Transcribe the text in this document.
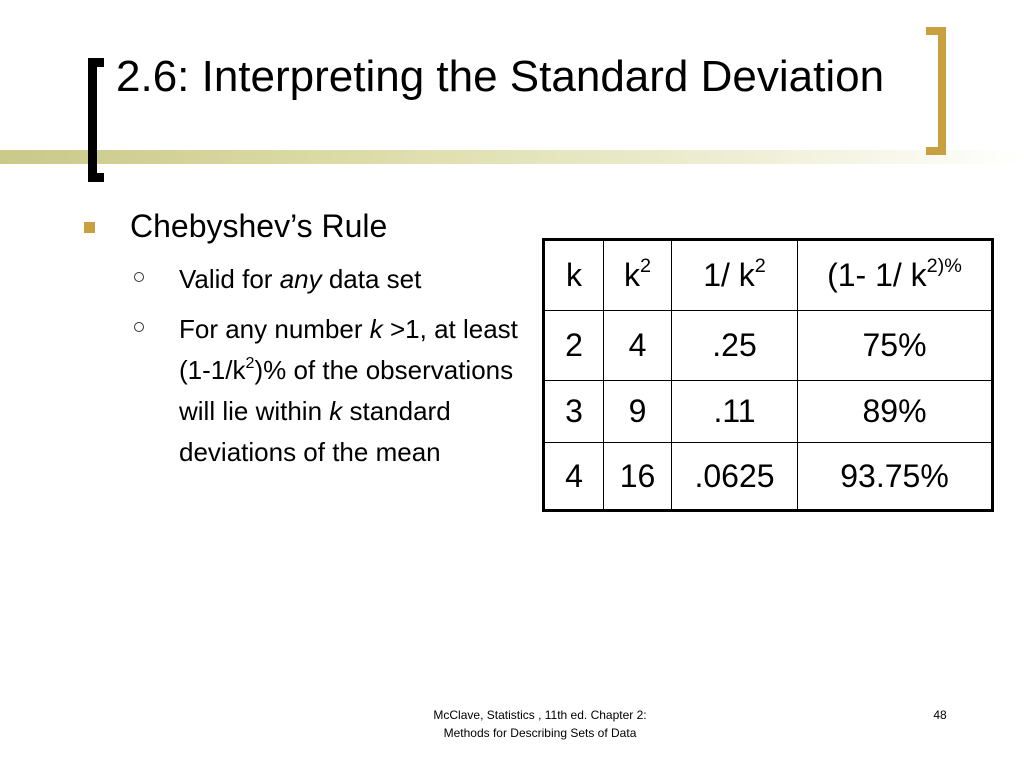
2.6: Interpreting the Standard Deviation
Chebyshev’s Rule
Valid for any data set
For any number k >1, at least $(1-1/k^2)\%$ of the observations will lie within k standard deviations of the mean
k	$k^2$	1/ $k^2$	(1- 1/ $k^{2)\%}$
2	4	.25	75%
3	9	.11	89%
4	16	.0625	93.75%
McClave, Statistics , 11th ed. Chapter 2:
Methods for Describing Sets of Data
48
